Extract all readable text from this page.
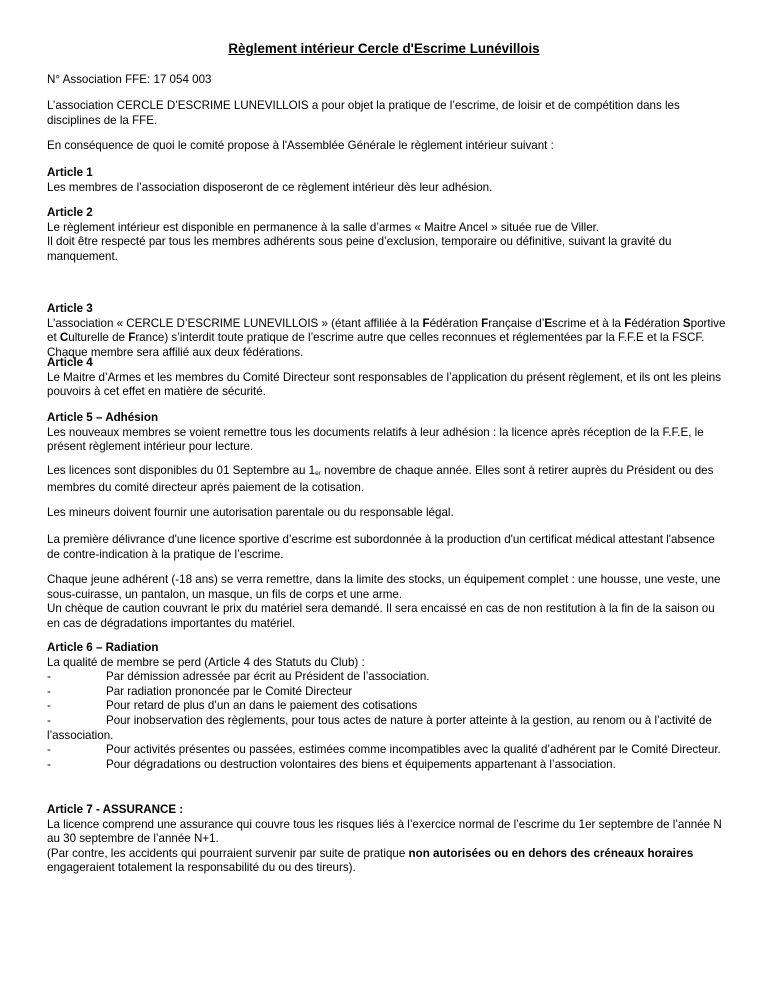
Règlement intérieur Cercle d'Escrime Lunévillois

N° Association FFE: 17 054 003

L’association CERCLE D’ESCRIME LUNEVILLOIS a pour objet la pratique de l’escrime, de loisir et de compétition dans les disciplines de la FFE.

En conséquence de quoi le comité propose à l'Assemblée Générale le règlement intérieur suivant :

Article 1
Les membres de l’association disposeront de ce règlement intérieur dès leur adhésion.
Article 2
Le règlement intérieur est disponible en permanence à la salle d’armes « Maitre Ancel » située rue de Viller.
Il doit être respecté par tous les membres adhérents sous peine d’exclusion, temporaire ou définitive, suivant la gravité du manquement.
Article 3
L’association « CERCLE D’ESCRIME LUNEVILLOIS » (étant affiliée à la Fédération Française d’Escrime et à la Fédération Sportive et Culturelle de France) s’interdit toute pratique de l’escrime autre que celles reconnues et réglementées par la F.F.E et la FSCF.
Chaque membre sera affilié aux deux fédérations.
Article 4
Le Maitre d’Armes et les membres du Comité Directeur sont responsables de l’application du présent règlement, et ils ont les pleins pouvoirs à cet effet en matière de sécurité.
Article 5 – Adhésion
Les nouveaux membres se voient remettre tous les documents relatifs à leur adhésion : la licence après réception de la F.F.E, le présent règlement intérieur pour lecture.

Les licences sont disponibles du 01 Septembre au 1er novembre de chaque année. Elles sont à retirer auprès du Président ou des membres du comité directeur après paiement de la cotisation.

Les mineurs doivent fournir une autorisation parentale ou du responsable légal.

La première délivrance d'une licence sportive d’escrime est subordonnée à la production d'un certificat médical attestant l'absence de contre-indication à la pratique de l’escrime.

Chaque jeune adhérent (-18 ans) se verra remettre, dans la limite des stocks, un équipement complet : une housse, une veste, une sous-cuirasse, un pantalon, un masque, un fils de corps et une arme.
Un chèque de caution couvrant le prix du matériel sera demandé. Il sera encaissé en cas de non restitution à la fin de la saison ou en cas de dégradations importantes du matériel.
Article 6 – Radiation
La qualité de membre se perd (Article 4 des Statuts du Club) :
-	Par démission adressée par écrit au Président de l’association.
-	Par radiation prononcée par le Comité Directeur
-	Pour retard de plus d’un an dans le paiement des cotisations
-	Pour inobservation des règlements, pour tous actes de nature à porter atteinte à la gestion, au renom ou à l’activité de l’association.
-	Pour activités présentes ou passées, estimées comme incompatibles avec la qualité d’adhérent par le Comité Directeur.
-	Pour dégradations ou destruction volontaires des biens et équipements appartenant à l’association.
Article 7 - ASSURANCE :
La licence comprend une assurance qui couvre tous les risques liés à l’exercice normal de l’escrime du 1er septembre de l’année N au 30 septembre de l’année N+1.
(Par contre, les accidents qui pourraient survenir par suite de pratique non autorisées ou en dehors des créneaux horaires engageraient totalement la responsabilité du ou des tireurs).
